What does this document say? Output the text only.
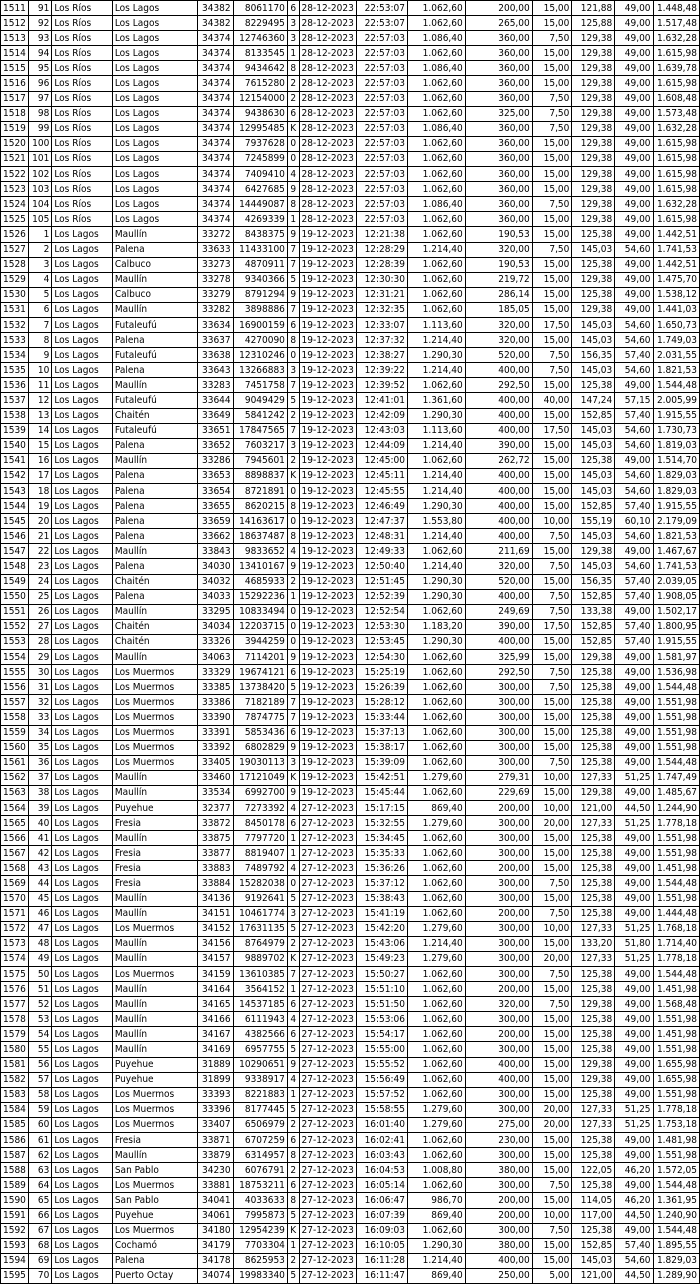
1511	91	Los Ríos	Los Lagos	34382	8061170	6	28-12-2023	22:53:07	1.062,60	200,00	15,00	121,88	49,00	1.448,48
1512	92	Los Ríos	Los Lagos	34382	8229495	3	28-12-2023	22:53:07	1.062,60	265,00	15,00	125,88	49,00	1.517,48
1513	93	Los Ríos	Los Lagos	34374	12746360	3	28-12-2023	22:57:03	1.086,40	360,00	7,50	129,38	49,00	1.632,28
1514	94	Los Ríos	Los Lagos	34374	8133545	1	28-12-2023	22:57:03	1.062,60	360,00	15,00	129,38	49,00	1.615,98
1515	95	Los Ríos	Los Lagos	34374	9434642	8	28-12-2023	22:57:03	1.086,40	360,00	15,00	129,38	49,00	1.639,78
1516	96	Los Ríos	Los Lagos	34374	7615280	2	28-12-2023	22:57:03	1.062,60	360,00	15,00	129,38	49,00	1.615,98
1517	97	Los Ríos	Los Lagos	34374	12154000	2	28-12-2023	22:57:03	1.062,60	360,00	7,50	129,38	49,00	1.608,48
1518	98	Los Ríos	Los Lagos	34374	9438630	6	28-12-2023	22:57:03	1.062,60	325,00	7,50	129,38	49,00	1.573,48
1519	99	Los Ríos	Los Lagos	34374	12995485	K	28-12-2023	22:57:03	1.086,40	360,00	7,50	129,38	49,00	1.632,28
1520	100	Los Ríos	Los Lagos	34374	7937628	0	28-12-2023	22:57:03	1.062,60	360,00	15,00	129,38	49,00	1.615,98
1521	101	Los Ríos	Los Lagos	34374	7245899	0	28-12-2023	22:57:03	1.062,60	360,00	15,00	129,38	49,00	1.615,98
1522	102	Los Ríos	Los Lagos	34374	7409410	4	28-12-2023	22:57:03	1.062,60	360,00	15,00	129,38	49,00	1.615,98
1523	103	Los Ríos	Los Lagos	34374	6427685	9	28-12-2023	22:57:03	1.062,60	360,00	15,00	129,38	49,00	1.615,98
1524	104	Los Ríos	Los Lagos	34374	14449087	8	28-12-2023	22:57:03	1.086,40	360,00	7,50	129,38	49,00	1.632,28
1525	105	Los Ríos	Los Lagos	34374	4269339	1	28-12-2023	22:57:03	1.062,60	360,00	15,00	129,38	49,00	1.615,98
1526	1	Los Lagos	Maullín	33272	8438375	9	19-12-2023	12:21:38	1.062,60	190,53	15,00	125,38	49,00	1.442,51
1527	2	Los Lagos	Palena	33633	11433100	7	19-12-2023	12:28:29	1.214,40	320,00	7,50	145,03	54,60	1.741,53
1528	3	Los Lagos	Calbuco	33273	4870911	7	19-12-2023	12:28:39	1.062,60	190,53	15,00	125,38	49,00	1.442,51
1529	4	Los Lagos	Maullín	33278	9340366	5	19-12-2023	12:30:30	1.062,60	219,72	15,00	129,38	49,00	1.475,70
1530	5	Los Lagos	Calbuco	33279	8791294	9	19-12-2023	12:31:21	1.062,60	286,14	15,00	125,38	49,00	1.538,12
1531	6	Los Lagos	Maullín	33282	3898886	7	19-12-2023	12:32:35	1.062,60	185,05	15,00	129,38	49,00	1.441,03
1532	7	Los Lagos	Futaleufú	33634	16900159	6	19-12-2023	12:33:07	1.113,60	320,00	17,50	145,03	54,60	1.650,73
1533	8	Los Lagos	Palena	33637	4270090	8	19-12-2023	12:37:32	1.214,40	320,00	15,00	145,03	54,60	1.749,03
1534	9	Los Lagos	Futaleufú	33638	12310246	0	19-12-2023	12:38:27	1.290,30	520,00	7,50	156,35	57,40	2.031,55
1535	10	Los Lagos	Palena	33643	13266883	3	19-12-2023	12:39:22	1.214,40	400,00	7,50	145,03	54,60	1.821,53
1536	11	Los Lagos	Maullín	33283	7451758	7	19-12-2023	12:39:52	1.062,60	292,50	15,00	125,38	49,00	1.544,48
1537	12	Los Lagos	Futaleufú	33644	9049429	5	19-12-2023	12:41:01	1.361,60	400,00	40,00	147,24	57,15	2.005,99
1538	13	Los Lagos	Chaitén	33649	5841242	2	19-12-2023	12:42:09	1.290,30	400,00	15,00	152,85	57,40	1.915,55
1539	14	Los Lagos	Futaleufú	33651	17847565	7	19-12-2023	12:43:03	1.113,60	400,00	17,50	145,03	54,60	1.730,73
1540	15	Los Lagos	Palena	33652	7603217	3	19-12-2023	12:44:09	1.214,40	390,00	15,00	145,03	54,60	1.819,03
1541	16	Los Lagos	Maullín	33286	7945601	2	19-12-2023	12:45:00	1.062,60	262,72	15,00	125,38	49,00	1.514,70
1542	17	Los Lagos	Palena	33653	8898837	K	19-12-2023	12:45:11	1.214,40	400,00	15,00	145,03	54,60	1.829,03
1543	18	Los Lagos	Palena	33654	8721891	0	19-12-2023	12:45:55	1.214,40	400,00	15,00	145,03	54,60	1.829,03
1544	19	Los Lagos	Palena	33655	8620215	8	19-12-2023	12:46:49	1.290,30	400,00	15,00	152,85	57,40	1.915,55
1545	20	Los Lagos	Palena	33659	14163617	0	19-12-2023	12:47:37	1.553,80	400,00	10,00	155,19	60,10	2.179,09
1546	21	Los Lagos	Palena	33662	18637487	8	19-12-2023	12:48:31	1.214,40	400,00	7,50	145,03	54,60	1.821,53
1547	22	Los Lagos	Maullín	33843	9833652	4	19-12-2023	12:49:33	1.062,60	211,69	15,00	129,38	49,00	1.467,67
1548	23	Los Lagos	Palena	34030	13410167	9	19-12-2023	12:50:40	1.214,40	320,00	7,50	145,03	54,60	1.741,53
1549	24	Los Lagos	Chaitén	34032	4685933	2	19-12-2023	12:51:45	1.290,30	520,00	15,00	156,35	57,40	2.039,05
1550	25	Los Lagos	Palena	34033	15292236	1	19-12-2023	12:52:39	1.290,30	400,00	7,50	152,85	57,40	1.908,05
1551	26	Los Lagos	Maullín	33295	10833494	0	19-12-2023	12:52:54	1.062,60	249,69	7,50	133,38	49,00	1.502,17
1552	27	Los Lagos	Chaitén	34034	12203715	0	19-12-2023	12:53:30	1.183,20	390,00	17,50	152,85	57,40	1.800,95
1553	28	Los Lagos	Chaitén	33326	3944259	0	19-12-2023	12:53:45	1.290,30	400,00	15,00	152,85	57,40	1.915,55
1554	29	Los Lagos	Maullín	34063	7114201	9	19-12-2023	12:54:30	1.062,60	325,99	15,00	129,38	49,00	1.581,97
1555	30	Los Lagos	Los Muermos	33329	19674121	6	19-12-2023	15:25:19	1.062,60	292,50	7,50	125,38	49,00	1.536,98
1556	31	Los Lagos	Los Muermos	33385	13738420	5	19-12-2023	15:26:39	1.062,60	300,00	7,50	125,38	49,00	1.544,48
1557	32	Los Lagos	Los Muermos	33386	7182189	7	19-12-2023	15:28:12	1.062,60	300,00	15,00	125,38	49,00	1.551,98
1558	33	Los Lagos	Los Muermos	33390	7874775	7	19-12-2023	15:33:44	1.062,60	300,00	15,00	125,38	49,00	1.551,98
1559	34	Los Lagos	Los Muermos	33391	5853436	6	19-12-2023	15:37:13	1.062,60	300,00	15,00	125,38	49,00	1.551,98
1560	35	Los Lagos	Los Muermos	33392	6802829	9	19-12-2023	15:38:17	1.062,60	300,00	15,00	125,38	49,00	1.551,98
1561	36	Los Lagos	Los Muermos	33405	19030113	3	19-12-2023	15:39:09	1.062,60	300,00	7,50	125,38	49,00	1.544,48
1562	37	Los Lagos	Maullín	33460	17121049	K	19-12-2023	15:42:51	1.279,60	279,31	10,00	127,33	51,25	1.747,49
1563	38	Los Lagos	Maullín	33534	6992700	9	19-12-2023	15:45:44	1.062,60	229,69	15,00	129,38	49,00	1.485,67
1564	39	Los Lagos	Puyehue	32377	7273392	4	27-12-2023	15:17:15	869,40	200,00	10,00	121,00	44,50	1.244,90
1565	40	Los Lagos	Fresia	33872	8450178	6	27-12-2023	15:32:55	1.279,60	300,00	20,00	127,33	51,25	1.778,18
1566	41	Los Lagos	Maullín	33875	7797720	1	27-12-2023	15:34:45	1.062,60	300,00	15,00	125,38	49,00	1.551,98
1567	42	Los Lagos	Fresia	33877	8819407	1	27-12-2023	15:35:33	1.062,60	300,00	15,00	125,38	49,00	1.551,98
1568	43	Los Lagos	Fresia	33883	7489792	4	27-12-2023	15:36:26	1.062,60	200,00	15,00	125,38	49,00	1.451,98
1569	44	Los Lagos	Fresia	33884	15282038	0	27-12-2023	15:37:12	1.062,60	300,00	7,50	125,38	49,00	1.544,48
1570	45	Los Lagos	Maullín	34136	9192641	5	27-12-2023	15:38:43	1.062,60	300,00	15,00	125,38	49,00	1.551,98
1571	46	Los Lagos	Maullín	34151	10461774	3	27-12-2023	15:41:19	1.062,60	200,00	7,50	125,38	49,00	1.444,48
1572	47	Los Lagos	Los Muermos	34152	17631135	5	27-12-2023	15:42:20	1.279,60	300,00	10,00	127,33	51,25	1.768,18
1573	48	Los Lagos	Maullín	34156	8764979	2	27-12-2023	15:43:06	1.214,40	300,00	15,00	133,20	51,80	1.714,40
1574	49	Los Lagos	Maullín	34157	9889702	K	27-12-2023	15:49:23	1.279,60	300,00	20,00	127,33	51,25	1.778,18
1575	50	Los Lagos	Los Muermos	34159	13610385	7	27-12-2023	15:50:27	1.062,60	300,00	7,50	125,38	49,00	1.544,48
1576	51	Los Lagos	Maullín	34164	3564152	1	27-12-2023	15:51:10	1.062,60	200,00	15,00	125,38	49,00	1.451,98
1577	52	Los Lagos	Maullín	34165	14537185	6	27-12-2023	15:51:50	1.062,60	320,00	7,50	129,38	49,00	1.568,48
1578	53	Los Lagos	Maullín	34166	6111943	4	27-12-2023	15:53:06	1.062,60	300,00	15,00	125,38	49,00	1.551,98
1579	54	Los Lagos	Maullín	34167	4382566	6	27-12-2023	15:54:17	1.062,60	200,00	15,00	125,38	49,00	1.451,98
1580	55	Los Lagos	Maullín	34169	6957755	5	27-12-2023	15:55:00	1.062,60	300,00	15,00	125,38	49,00	1.551,98
1581	56	Los Lagos	Puyehue	31889	10290651	9	27-12-2023	15:55:52	1.062,60	400,00	15,00	129,38	49,00	1.655,98
1582	57	Los Lagos	Puyehue	31899	9338917	4	27-12-2023	15:56:49	1.062,60	400,00	15,00	129,38	49,00	1.655,98
1583	58	Los Lagos	Los Muermos	33393	8221883	1	27-12-2023	15:57:52	1.062,60	300,00	15,00	125,38	49,00	1.551,98
1584	59	Los Lagos	Los Muermos	33396	8177445	5	27-12-2023	15:58:55	1.279,60	300,00	20,00	127,33	51,25	1.778,18
1585	60	Los Lagos	Los Muermos	33407	6506979	2	27-12-2023	16:01:40	1.279,60	275,00	20,00	127,33	51,25	1.753,18
1586	61	Los Lagos	Fresia	33871	6707259	6	27-12-2023	16:02:41	1.062,60	230,00	15,00	125,38	49,00	1.481,98
1587	62	Los Lagos	Maullín	33879	6314957	8	27-12-2023	16:03:43	1.062,60	300,00	15,00	125,38	49,00	1.551,98
1588	63	Los Lagos	San Pablo	34230	6076791	2	27-12-2023	16:04:53	1.008,80	380,00	15,00	122,05	46,20	1.572,05
1589	64	Los Lagos	Los Muermos	33881	18753211	6	27-12-2023	16:05:14	1.062,60	300,00	7,50	125,38	49,00	1.544,48
1590	65	Los Lagos	San Pablo	34041	4033633	8	27-12-2023	16:06:47	986,70	200,00	15,00	114,05	46,20	1.361,95
1591	66	Los Lagos	Puyehue	34061	7995873	5	27-12-2023	16:07:39	869,40	200,00	10,00	117,00	44,50	1.240,90
1592	67	Los Lagos	Los Muermos	34180	12954239	K	27-12-2023	16:09:03	1.062,60	300,00	7,50	125,38	49,00	1.544,48
1593	68	Los Lagos	Cochamó	34179	7703304	1	27-12-2023	16:10:05	1.290,30	380,00	15,00	152,85	57,40	1.895,55
1594	69	Los Lagos	Palena	34178	8625953	2	27-12-2023	16:11:28	1.214,40	400,00	15,00	145,03	54,60	1.829,03
1595	70	Los Lagos	Puerto Octay	34074	19983340	5	27-12-2023	16:11:47	869,40	250,00	5,00	121,00	44,50	1.289,90
